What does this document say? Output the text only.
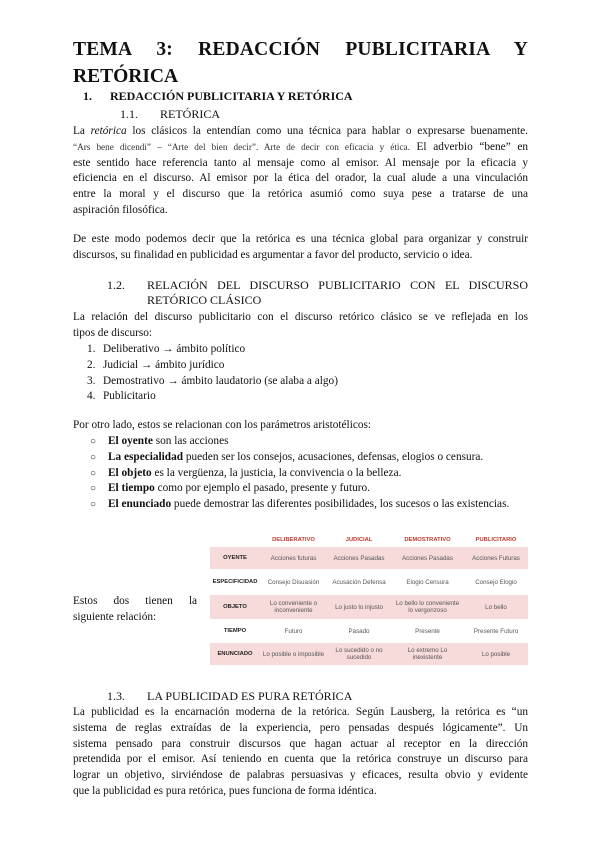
TEMA 3: REDACCIÓN PUBLICITARIA Y
RETÓRICA
1. REDACCIÓN PUBLICITARIA Y RETÓRICA
1.1. RETÓRICA
La retórica los clásicos la entendían como una técnica para hablar o expresarse buenamente.
“Ars bene dicendi” – “Arte del bien decir”. Arte de decir con eficacia y ética. El adverbio “bene” en
este sentido hace referencia tanto al mensaje como al emisor. Al mensaje por la eficacia y
eficiencia en el discurso. Al emisor por la ética del orador, la cual alude a una vinculación
entre la moral y el discurso que la retórica asumió como suya pese a tratarse de una
aspiración filosófica.
De este modo podemos decir que la retórica es una técnica global para organizar y construir
discursos, su finalidad en publicidad es argumentar a favor del producto, servicio o idea.
1.2. RELACIÓN DEL DISCURSO PUBLICITARIO CON EL DISCURSO
RETÓRICO CLÁSICO
La relación del discurso publicitario con el discurso retórico clásico se ve reflejada en los
tipos de discurso:
1. Deliberativo → ámbito político
2. Judicial → ámbito jurídico
3. Demostrativo → ámbito laudatorio (se alaba a algo)
4. Publicitario
Por otro lado, estos se relacionan con los parámetros aristotélicos:
○ El oyente son las acciones
○ La especialidad pueden ser los consejos, acusaciones, defensas, elogios o censura.
○ El objeto es la vergüenza, la justicia, la convivencia o la belleza.
○ El tiempo como por ejemplo el pasado, presente y futuro.
○ El enunciado puede demostrar las diferentes posibilidades, los sucesos o las existencias.
Estos dos tienen la siguiente relación:
	DELIBERATIVO	JUDICIAL	DEMOSTRATIVO	PUBLICITARIO
OYENTE	Acciones futuras	Acciones Pasadas	Acciones Pasadas	Acciones Futuras
ESPECIFICIDAD	Consejo Disuasión	Acusación Defensa	Elogio Censura	Consejo Elogio
OBJETO	Lo conveniente o inconveniente	Lo justo lo injusto	Lo bello lo conveniente lo vergonzoso	Lo bello
TIEMPO	Futuro	Pasado	Presente	Presente Futuro
ENUNCIADO	Lo posible o imposible	Lo sucedido o no sucedido	Lo extremo Lo inexistente	Lo posible
1.3. LA PUBLICIDAD ES PURA RETÓRICA
La publicidad es la encarnación moderna de la retórica. Según Lausberg, la retórica es “un
sistema de reglas extraídas de la experiencia, pero pensadas después lógicamente”. Un
sistema pensado para construir discursos que hagan actuar al receptor en la dirección
pretendida por el emisor. Así teniendo en cuenta que la retórica construye un discurso para
lograr un objetivo, sirviéndose de palabras persuasivas y eficaces, resulta obvio y evidente
que la publicidad es pura retórica, pues funciona de forma idéntica.
